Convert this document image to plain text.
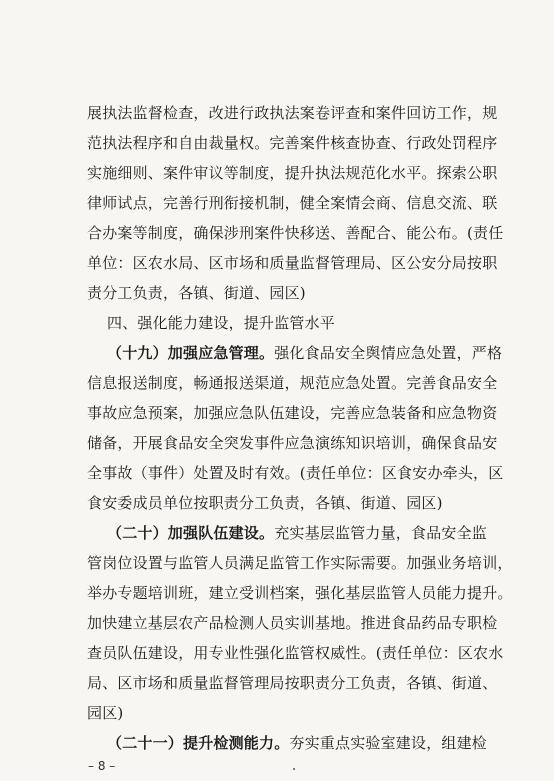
展执法监督检查，改进行政执法案卷评查和案件回访工作，规
范执法程序和自由裁量权。完善案件核查协查、行政处罚程序
实施细则、案件审议等制度，提升执法规范化水平。探索公职
律师试点，完善行刑衔接机制，健全案情会商、信息交流、联
合办案等制度，确保涉刑案件快移送、善配合、能公布。(责任
单位：区农水局、区市场和质量监督管理局、区公安分局按职
责分工负责，各镇、街道、园区)
四、强化能力建设，提升监管水平
（十九）加强应急管理。强化食品安全舆情应急处置，严格
信息报送制度，畅通报送渠道，规范应急处置。完善食品安全
事故应急预案，加强应急队伍建设，完善应急装备和应急物资
储备，开展食品安全突发事件应急演练知识培训，确保食品安
全事故（事件）处置及时有效。(责任单位：区食安办牵头，区
食安委成员单位按职责分工负责，各镇、街道、园区)
（二十）加强队伍建设。充实基层监管力量，食品安全监
管岗位设置与监管人员满足监管工作实际需要。加强业务培训，
举办专题培训班，建立受训档案，强化基层监管人员能力提升。
加快建立基层农产品检测人员实训基地。推进食品药品专职检
查员队伍建设，用专业性强化监管权威性。(责任单位：区农水
局、区市场和质量监督管理局按职责分工负责，各镇、街道、
园区)
（二十一）提升检测能力。夯实重点实验室建设，组建检
– 8 –
